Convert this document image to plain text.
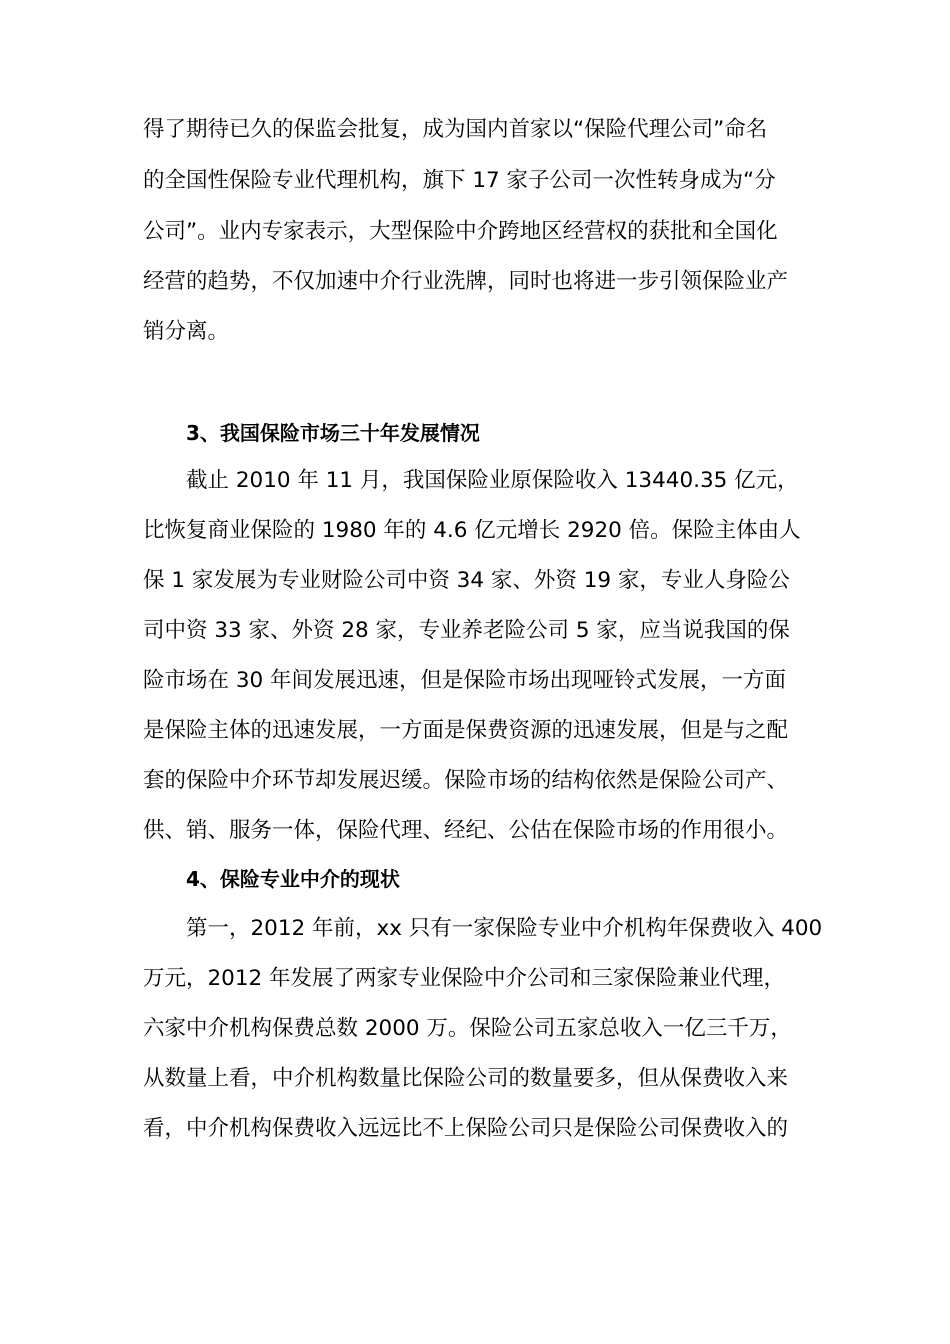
得了期待已久的保监会批复，成为国内首家以“保险代理公司”命名
的全国性保险专业代理机构，旗下 17 家子公司一次性转身成为“分
公司”。业内专家表示，大型保险中介跨地区经营权的获批和全国化
经营的趋势，不仅加速中介行业洗牌，同时也将进一步引领保险业产
销分离。
3、我国保险市场三十年发展情况
截止 2010 年 11 月，我国保险业原保险收入 13440.35 亿元，
比恢复商业保险的 1980 年的 4.6 亿元增长 2920 倍。保险主体由人
保 1 家发展为专业财险公司中资 34 家、外资 19 家，专业人身险公
司中资 33 家、外资 28 家，专业养老险公司 5 家，应当说我国的保
险市场在 30 年间发展迅速，但是保险市场出现哑铃式发展，一方面
是保险主体的迅速发展，一方面是保费资源的迅速发展，但是与之配
套的保险中介环节却发展迟缓。保险市场的结构依然是保险公司产、
供、销、服务一体，保险代理、经纪、公估在保险市场的作用很小。
4、保险专业中介的现状
第一，2012 年前，xx 只有一家保险专业中介机构年保费收入 400
万元，2012 年发展了两家专业保险中介公司和三家保险兼业代理，
六家中介机构保费总数 2000 万。保险公司五家总收入一亿三千万，
从数量上看，中介机构数量比保险公司的数量要多，但从保费收入来
看，中介机构保费收入远远比不上保险公司只是保险公司保费收入的
